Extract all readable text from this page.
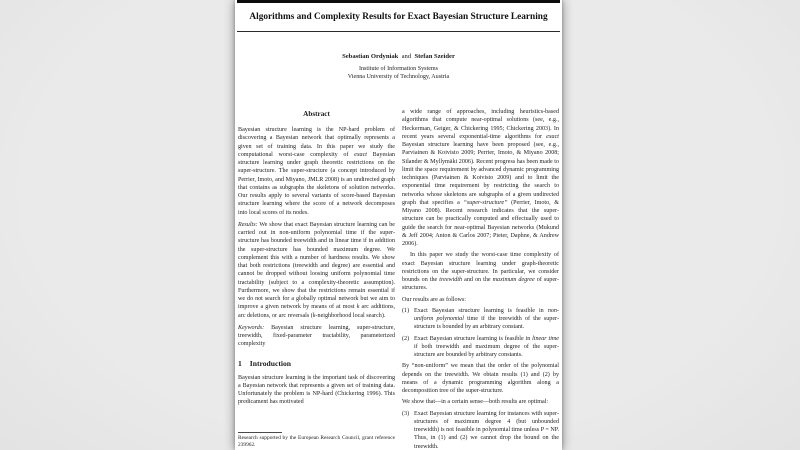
Algorithms and Complexity Results for Exact Bayesian Structure Learning
Sebastian Ordyniak  and  Stefan Szeider
Institute of Information Systems
Vienna University of Technology, Austria
Abstract

Bayesian structure learning is the NP-hard problem of discovering a Bayesian network that optimally represents a given set of training data. In this paper we study the computational worst-case complexity of exact Bayesian structure learning under graph theoretic restrictions on the super-structure. The super-structure (a concept introduced by Perrier, Imoto, and Miyano, JMLR 2008) is an undirected graph that contains as subgraphs the skeletons of solution networks. Our results apply to several variants of score-based Bayesian structure learning where the score of a network decomposes into local scores of its nodes.

Results: We show that exact Bayesian structure learning can be carried out in non-uniform polynomial time if the super-structure has bounded treewidth and in linear time if in addition the super-structure has bounded maximum degree. We complement this with a number of hardness results. We show that both restrictions (treewidth and degree) are essential and cannot be dropped without loosing uniform polynomial time tractability (subject to a complexity-theoretic assumption). Furthermore, we show that the restrictions remain essential if we do not search for a globally optimal network but we aim to improve a given network by means of at most k arc additions, arc deletions, or arc reversals (k-neighborhood local search).

Keywords: Bayesian structure learning, super-structure, treewidth, fixed-parameter tractability, parameterized complexity

1 Introduction

Bayesian structure learning is the important task of discovering a Bayesian network that represents a given set of training data. Unfortunately the problem is NP-hard (Chickering 1996). This predicament has motivated

Research supported by the European Research Council, grant reference 239962.

a wide range of approaches, including heuristics-based algorithms that compute near-optimal solutions (see, e.g., Heckerman, Geiger, & Chickering 1995; Chickering 2003). In recent years several exponential-time algorithms for exact Bayesian structure learning have been proposed (see, e.g., Parviainen & Koivisto 2009; Perrier, Imoto, & Miyano 2008; Silander & Myllymäki 2006). Recent progress has been made to limit the space requirement by advanced dynamic programming techniques (Parviainen & Koivisto 2009) and to limit the exponential time requirement by restricting the search to networks whose skeletons are subgraphs of a given undirected graph that specifies a “super-structure” (Perrier, Imoto, & Miyano 2008). Recent research indicates that the super-structure can be practically computed and effectually used to guide the search for near-optimal Bayesian networks (Mukund & Jeff 2004; Anton & Carlos 2007; Pieter, Daphne, & Andrew 2006).

In this paper we study the worst-case time complexity of exact Bayesian structure learning under graph-theoretic restrictions on the super-structure. In particular, we consider bounds on the treewidth and on the maximum degree of super-structures.

Our results are as follows:

(1) Exact Bayesian structure learning is feasible in non-uniform polynomial time if the treewidth of the super-structure is bounded by an arbitrary constant.
(2) Exact Bayesian structure learning is feasible in linear time if both treewidth and maximum degree of the super-structure are bounded by arbitrary constants.

By “non-uniform” we mean that the order of the polynomial depends on the treewidth. We obtain results (1) and (2) by means of a dynamic programming algorithm along a decomposition tree of the super-structure.

We show that—in a certain sense—both results are optimal:

(3) Exact Bayesian structure learning for instances with super-structures of maximum degree 4 (but unbounded treewidth) is not feasible in polynomial time unless P = NP. Thus, in (1) and (2) we cannot drop the bound on the treewidth.
